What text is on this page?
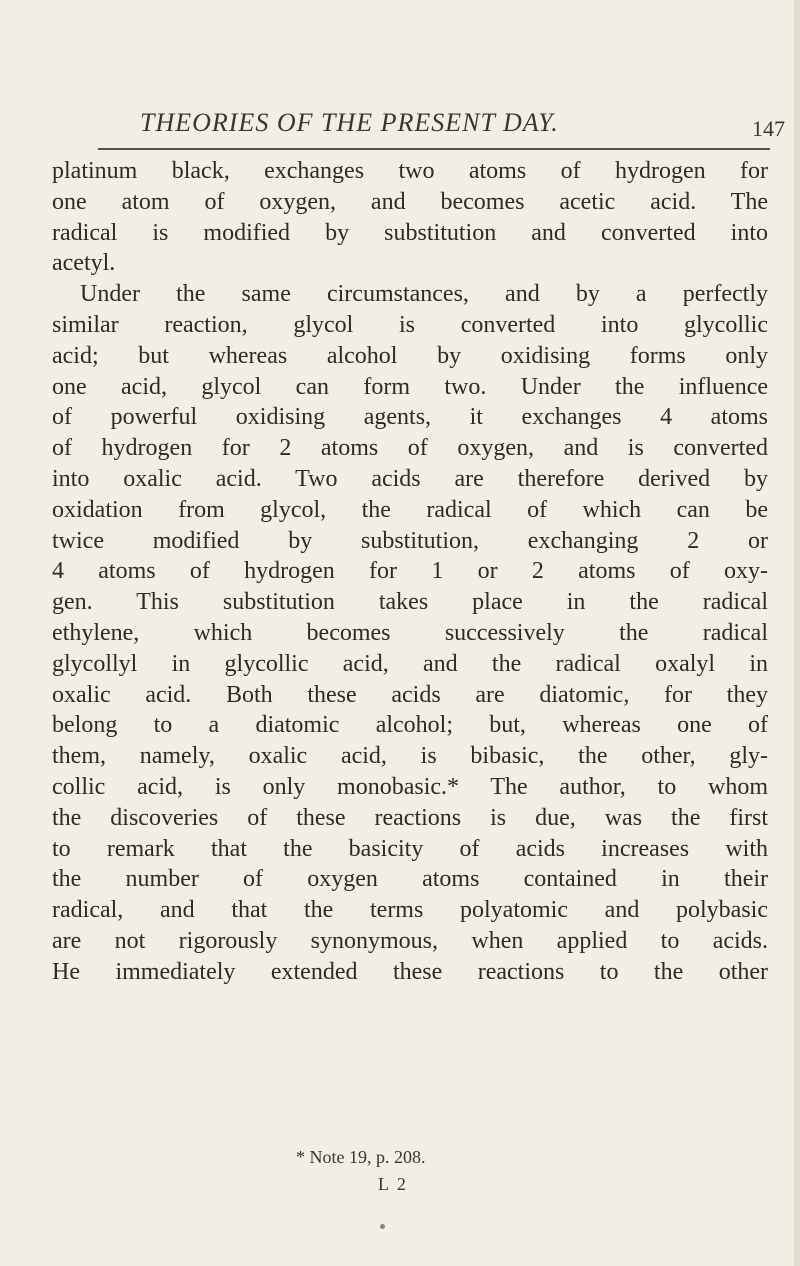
THEORIES OF THE PRESENT DAY.	147
platinum black, exchanges two atoms of hydrogen for
one atom of oxygen, and becomes acetic acid. The
radical is modified by substitution and converted into
acetyl.
Under the same circumstances, and by a perfectly
similar reaction, glycol is converted into glycollic
acid; but whereas alcohol by oxidising forms only
one acid, glycol can form two. Under the influence
of powerful oxidising agents, it exchanges 4 atoms
of hydrogen for 2 atoms of oxygen, and is converted
into oxalic acid. Two acids are therefore derived by
oxidation from glycol, the radical of which can be
twice modified by substitution, exchanging 2 or
4 atoms of hydrogen for 1 or 2 atoms of oxy-
gen. This substitution takes place in the radical
ethylene, which becomes successively the radical
glycollyl in glycollic acid, and the radical oxalyl in
oxalic acid. Both these acids are diatomic, for they
belong to a diatomic alcohol; but, whereas one of
them, namely, oxalic acid, is bibasic, the other, gly-
collic acid, is only monobasic.* The author, to whom
the discoveries of these reactions is due, was the first
to remark that the basicity of acids increases with
the number of oxygen atoms contained in their
radical, and that the terms polyatomic and polybasic
are not rigorously synonymous, when applied to acids.
He immediately extended these reactions to the other
* Note 19, p. 208.
L 2
